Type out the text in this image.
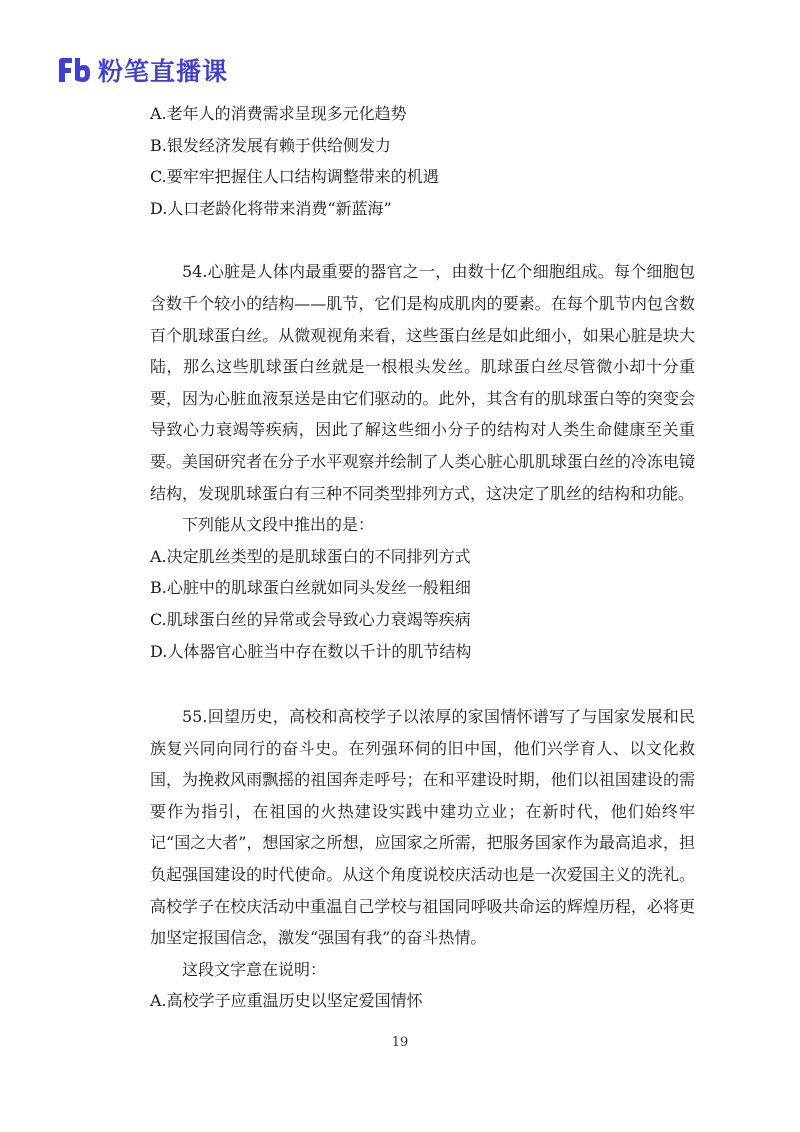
粉笔直播课

A.老年人的消费需求呈现多元化趋势

B.银发经济发展有赖于供给侧发力

C.要牢牢把握住人口结构调整带来的机遇

D.人口老龄化将带来消费“新蓝海”

54.心脏是人体内最重要的器官之一，由数十亿个细胞组成。每个细胞包含数千个较小的结构——肌节，它们是构成肌肉的要素。在每个肌节内包含数百个肌球蛋白丝。从微观视角来看，这些蛋白丝是如此细小，如果心脏是块大陆，那么这些肌球蛋白丝就是一根根头发丝。肌球蛋白丝尽管微小却十分重要，因为心脏血液泵送是由它们驱动的。此外，其含有的肌球蛋白等的突变会导致心力衰竭等疾病，因此了解这些细小分子的结构对人类生命健康至关重要。美国研究者在分子水平观察并绘制了人类心脏心肌肌球蛋白丝的冷冻电镜结构，发现肌球蛋白有三种不同类型排列方式，这决定了肌丝的结构和功能。

下列能从文段中推出的是：

A.决定肌丝类型的是肌球蛋白的不同排列方式

B.心脏中的肌球蛋白丝就如同头发丝一般粗细

C.肌球蛋白丝的异常或会导致心力衰竭等疾病

D.人体器官心脏当中存在数以千计的肌节结构

55.回望历史，高校和高校学子以浓厚的家国情怀谱写了与国家发展和民族复兴同向同行的奋斗史。在列强环伺的旧中国，他们兴学育人、以文化救国，为挽救风雨飘摇的祖国奔走呼号；在和平建设时期，他们以祖国建设的需要作为指引，在祖国的火热建设实践中建功立业；在新时代，他们始终牢记“国之大者”，想国家之所想，应国家之所需，把服务国家作为最高追求，担负起强国建设的时代使命。从这个角度说校庆活动也是一次爱国主义的洗礼。高校学子在校庆活动中重温自己学校与祖国同呼吸共命运的辉煌历程，必将更加坚定报国信念，激发“强国有我”的奋斗热情。

这段文字意在说明：

A.高校学子应重温历史以坚定爱国情怀

19
